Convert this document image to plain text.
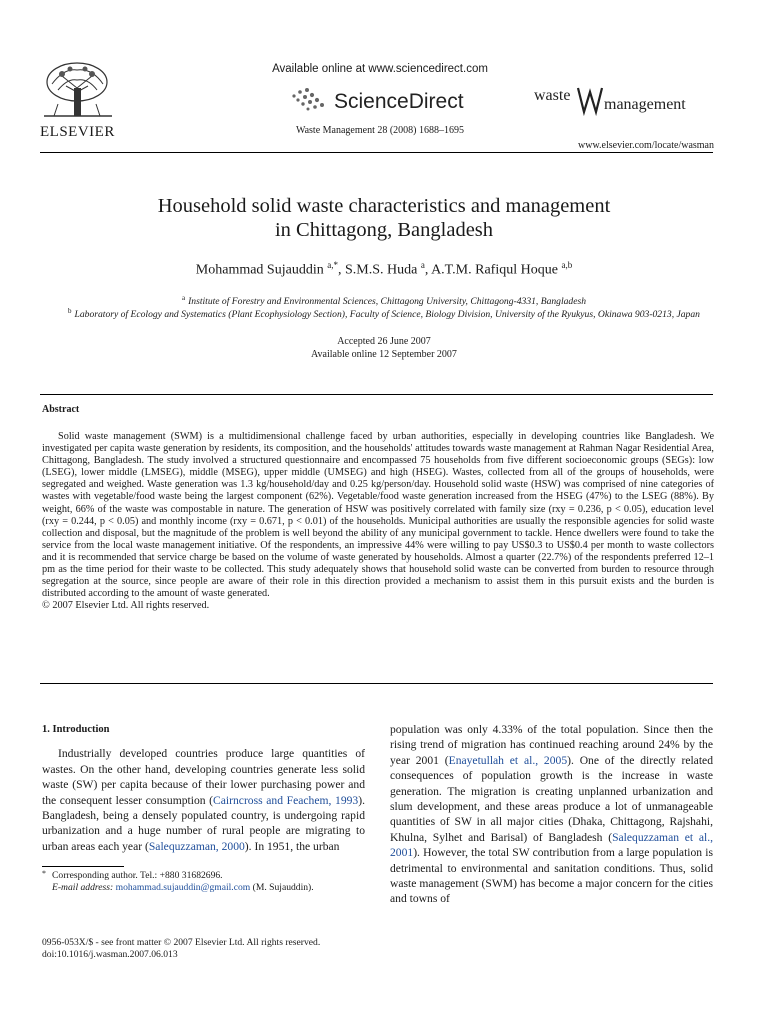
ELSEVIER
Available online at www.sciencedirect.com
ScienceDirect
Waste Management 28 (2008) 1688–1695
waste
management
www.elsevier.com/locate/wasman
Household solid waste characteristics and management
in Chittagong, Bangladesh
Mohammad Sujauddin $^{a,*}$, S.M.S. Huda $^a$, A.T.M. Rafiqul Hoque $^{a,b}$
$^a$ Institute of Forestry and Environmental Sciences, Chittagong University, Chittagong-4331, Bangladesh
$^b$ Laboratory of Ecology and Systematics (Plant Ecophysiology Section), Faculty of Science, Biology Division, University of the Ryukyus, Okinawa 903-0213, Japan
Accepted 26 June 2007
Available online 12 September 2007
Abstract

Solid waste management (SWM) is a multidimensional challenge faced by urban authorities, especially in developing countries like Bangladesh. We investigated per capita waste generation by residents, its composition, and the households' attitudes towards waste management at Rahman Nagar Residential Area, Chittagong, Bangladesh. The study involved a structured questionnaire and encompassed 75 households from five different socioeconomic groups (SEGs): low (LSEG), lower middle (LMSEG), middle (MSEG), upper middle (UMSEG) and high (HSEG). Wastes, collected from all of the groups of households, were segregated and weighed. Waste generation was 1.3 kg/household/day and 0.25 kg/person/day. Household solid waste (HSW) was comprised of nine categories of wastes with vegetable/food waste being the largest component (62%). Vegetable/food waste generation increased from the HSEG (47%) to the LSEG (88%). By weight, 66% of the waste was compostable in nature. The generation of HSW was positively correlated with family size (rxy = 0.236, p < 0.05), education level (rxy = 0.244, p < 0.05) and monthly income (rxy = 0.671, p < 0.01) of the households. Municipal authorities are usually the responsible agencies for solid waste collection and disposal, but the magnitude of the problem is well beyond the ability of any municipal government to tackle. Hence dwellers were found to take the service from the local waste management initiative. Of the respondents, an impressive 44% were willing to pay US$0.3 to US$0.4 per month to waste collectors and it is recommended that service charge be based on the volume of waste generated by households. Almost a quarter (22.7%) of the respondents preferred 12–1 pm as the time period for their waste to be collected. This study adequately shows that household solid waste can be converted from burden to resource through segregation at the source, since people are aware of their role in this direction provided a mechanism to assist them in this pursuit exists and the burden is distributed according to the amount of waste generated.

© 2007 Elsevier Ltd. All rights reserved.

1. Introduction

Industrially developed countries produce large quantities of wastes. On the other hand, developing countries generate less solid waste (SW) per capita because of their lower purchasing power and the consequent lesser consumption (Cairncross and Feachem, 1993). Bangladesh, being a densely populated country, is undergoing rapid urbanization and a huge number of rural people are migrating to urban areas each year (Salequzzaman, 2000). In 1951, the urban

population was only 4.33% of the total population. Since then the rising trend of migration has continued reaching around 24% by the year 2001 (Enayetullah et al., 2005). One of the directly related consequences of population growth is the increase in waste generation. The migration is creating unplanned urbanization and slum development, and these areas produce a lot of unmanageable quantities of SW in all major cities (Dhaka, Chittagong, Rajshahi, Khulna, Sylhet and Barisal) of Bangladesh (Salequzzaman et al., 2001). However, the total SW contribution from a large population is detrimental to environmental and sanitation conditions. Thus, solid waste management (SWM) has become a major concern for the cities and towns of

* Corresponding author. Tel.: +880 31682696.
E-mail address: mohammad.sujauddin@gmail.com (M. Sujauddin).
0956-053X/$ - see front matter © 2007 Elsevier Ltd. All rights reserved.
doi:10.1016/j.wasman.2007.06.013
